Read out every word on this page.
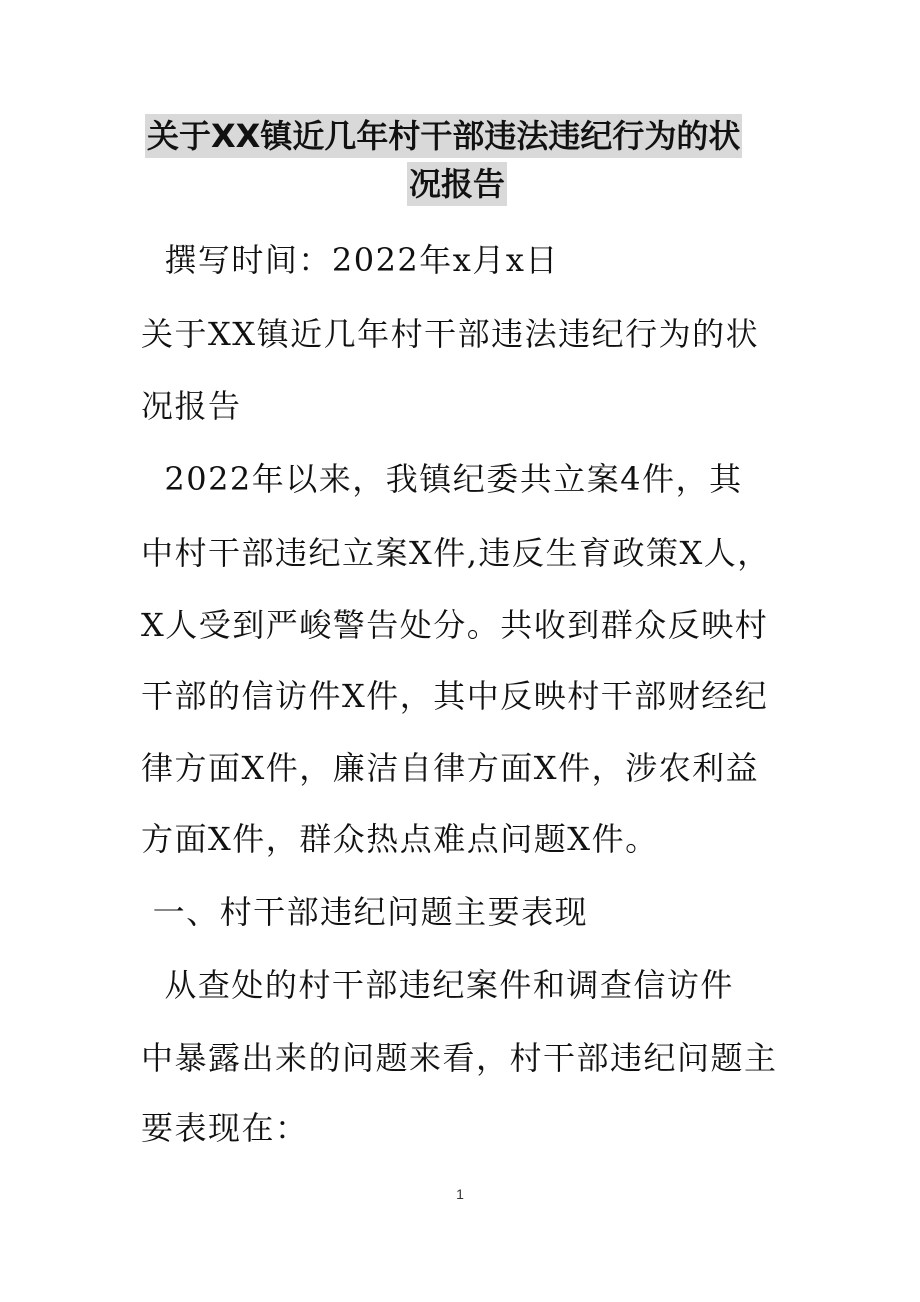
关于XX镇近几年村干部违法违纪行为的状
况报告
撰写时间：2022年x月x日
关于XX镇近几年村干部违法违纪行为的状
况报告
2022年以来，我镇纪委共立案4件，其
中村干部违纪立案X件,违反生育政策X人，
X人受到严峻警告处分。共收到群众反映村
干部的信访件X件，其中反映村干部财经纪
律方面X件，廉洁自律方面X件，涉农利益
方面X件，群众热点难点问题X件。
一、村干部违纪问题主要表现
从查处的村干部违纪案件和调查信访件
中暴露出来的问题来看，村干部违纪问题主
要表现在：
1
